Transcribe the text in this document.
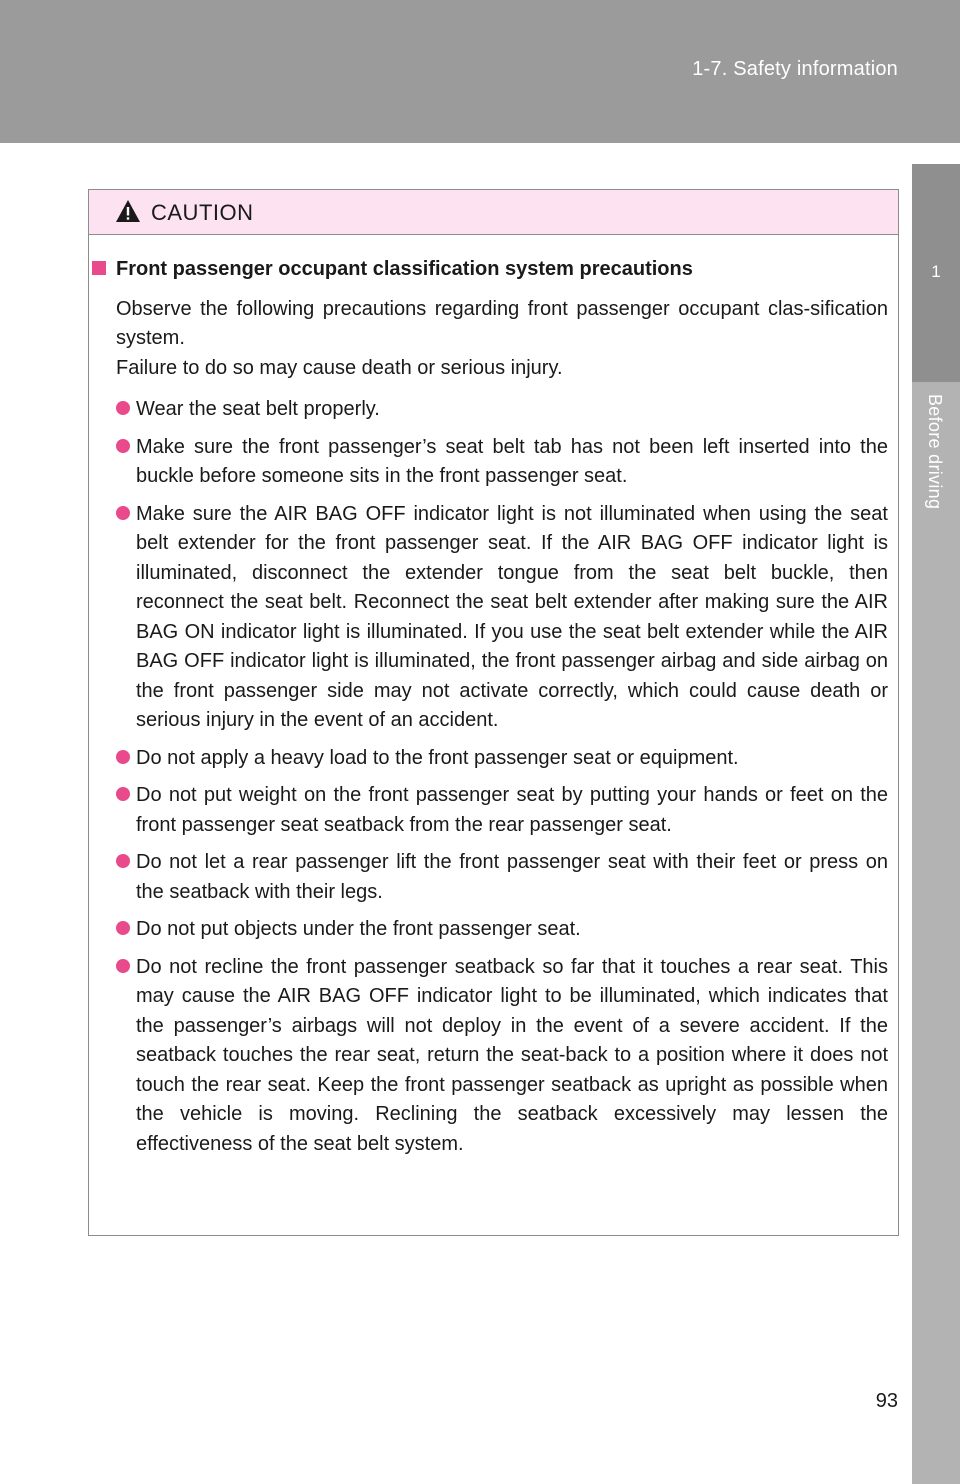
1-7. Safety information
1
Before driving
CAUTION
Front passenger occupant classification system precautions
Observe the following precautions regarding front passenger occupant clas-sification system.
Failure to do so may cause death or serious injury.
Wear the seat belt properly.
Make sure the front passenger’s seat belt tab has not been left inserted into the buckle before someone sits in the front passenger seat.
Make sure the AIR BAG OFF indicator light is not illuminated when using the seat belt extender for the front passenger seat. If the AIR BAG OFF indicator light is illuminated, disconnect the extender tongue from the seat belt buckle, then reconnect the seat belt. Reconnect the seat belt extender after making sure the AIR BAG ON indicator light is illuminated. If you use the seat belt extender while the AIR BAG OFF indicator light is illuminated, the front passenger airbag and side airbag on the front passenger side may not activate correctly, which could cause death or serious injury in the event of an accident.
Do not apply a heavy load to the front passenger seat or equipment.
Do not put weight on the front passenger seat by putting your hands or feet on the front passenger seat seatback from the rear passenger seat.
Do not let a rear passenger lift the front passenger seat with their feet or press on the seatback with their legs.
Do not put objects under the front passenger seat.
Do not recline the front passenger seatback so far that it touches a rear seat. This may cause the AIR BAG OFF indicator light to be illuminated, which indicates that the passenger’s airbags will not deploy in the event of a severe accident. If the seatback touches the rear seat, return the seat-back to a position where it does not touch the rear seat. Keep the front passenger seatback as upright as possible when the vehicle is moving. Reclining the seatback excessively may lessen the effectiveness of the seat belt system.
93
